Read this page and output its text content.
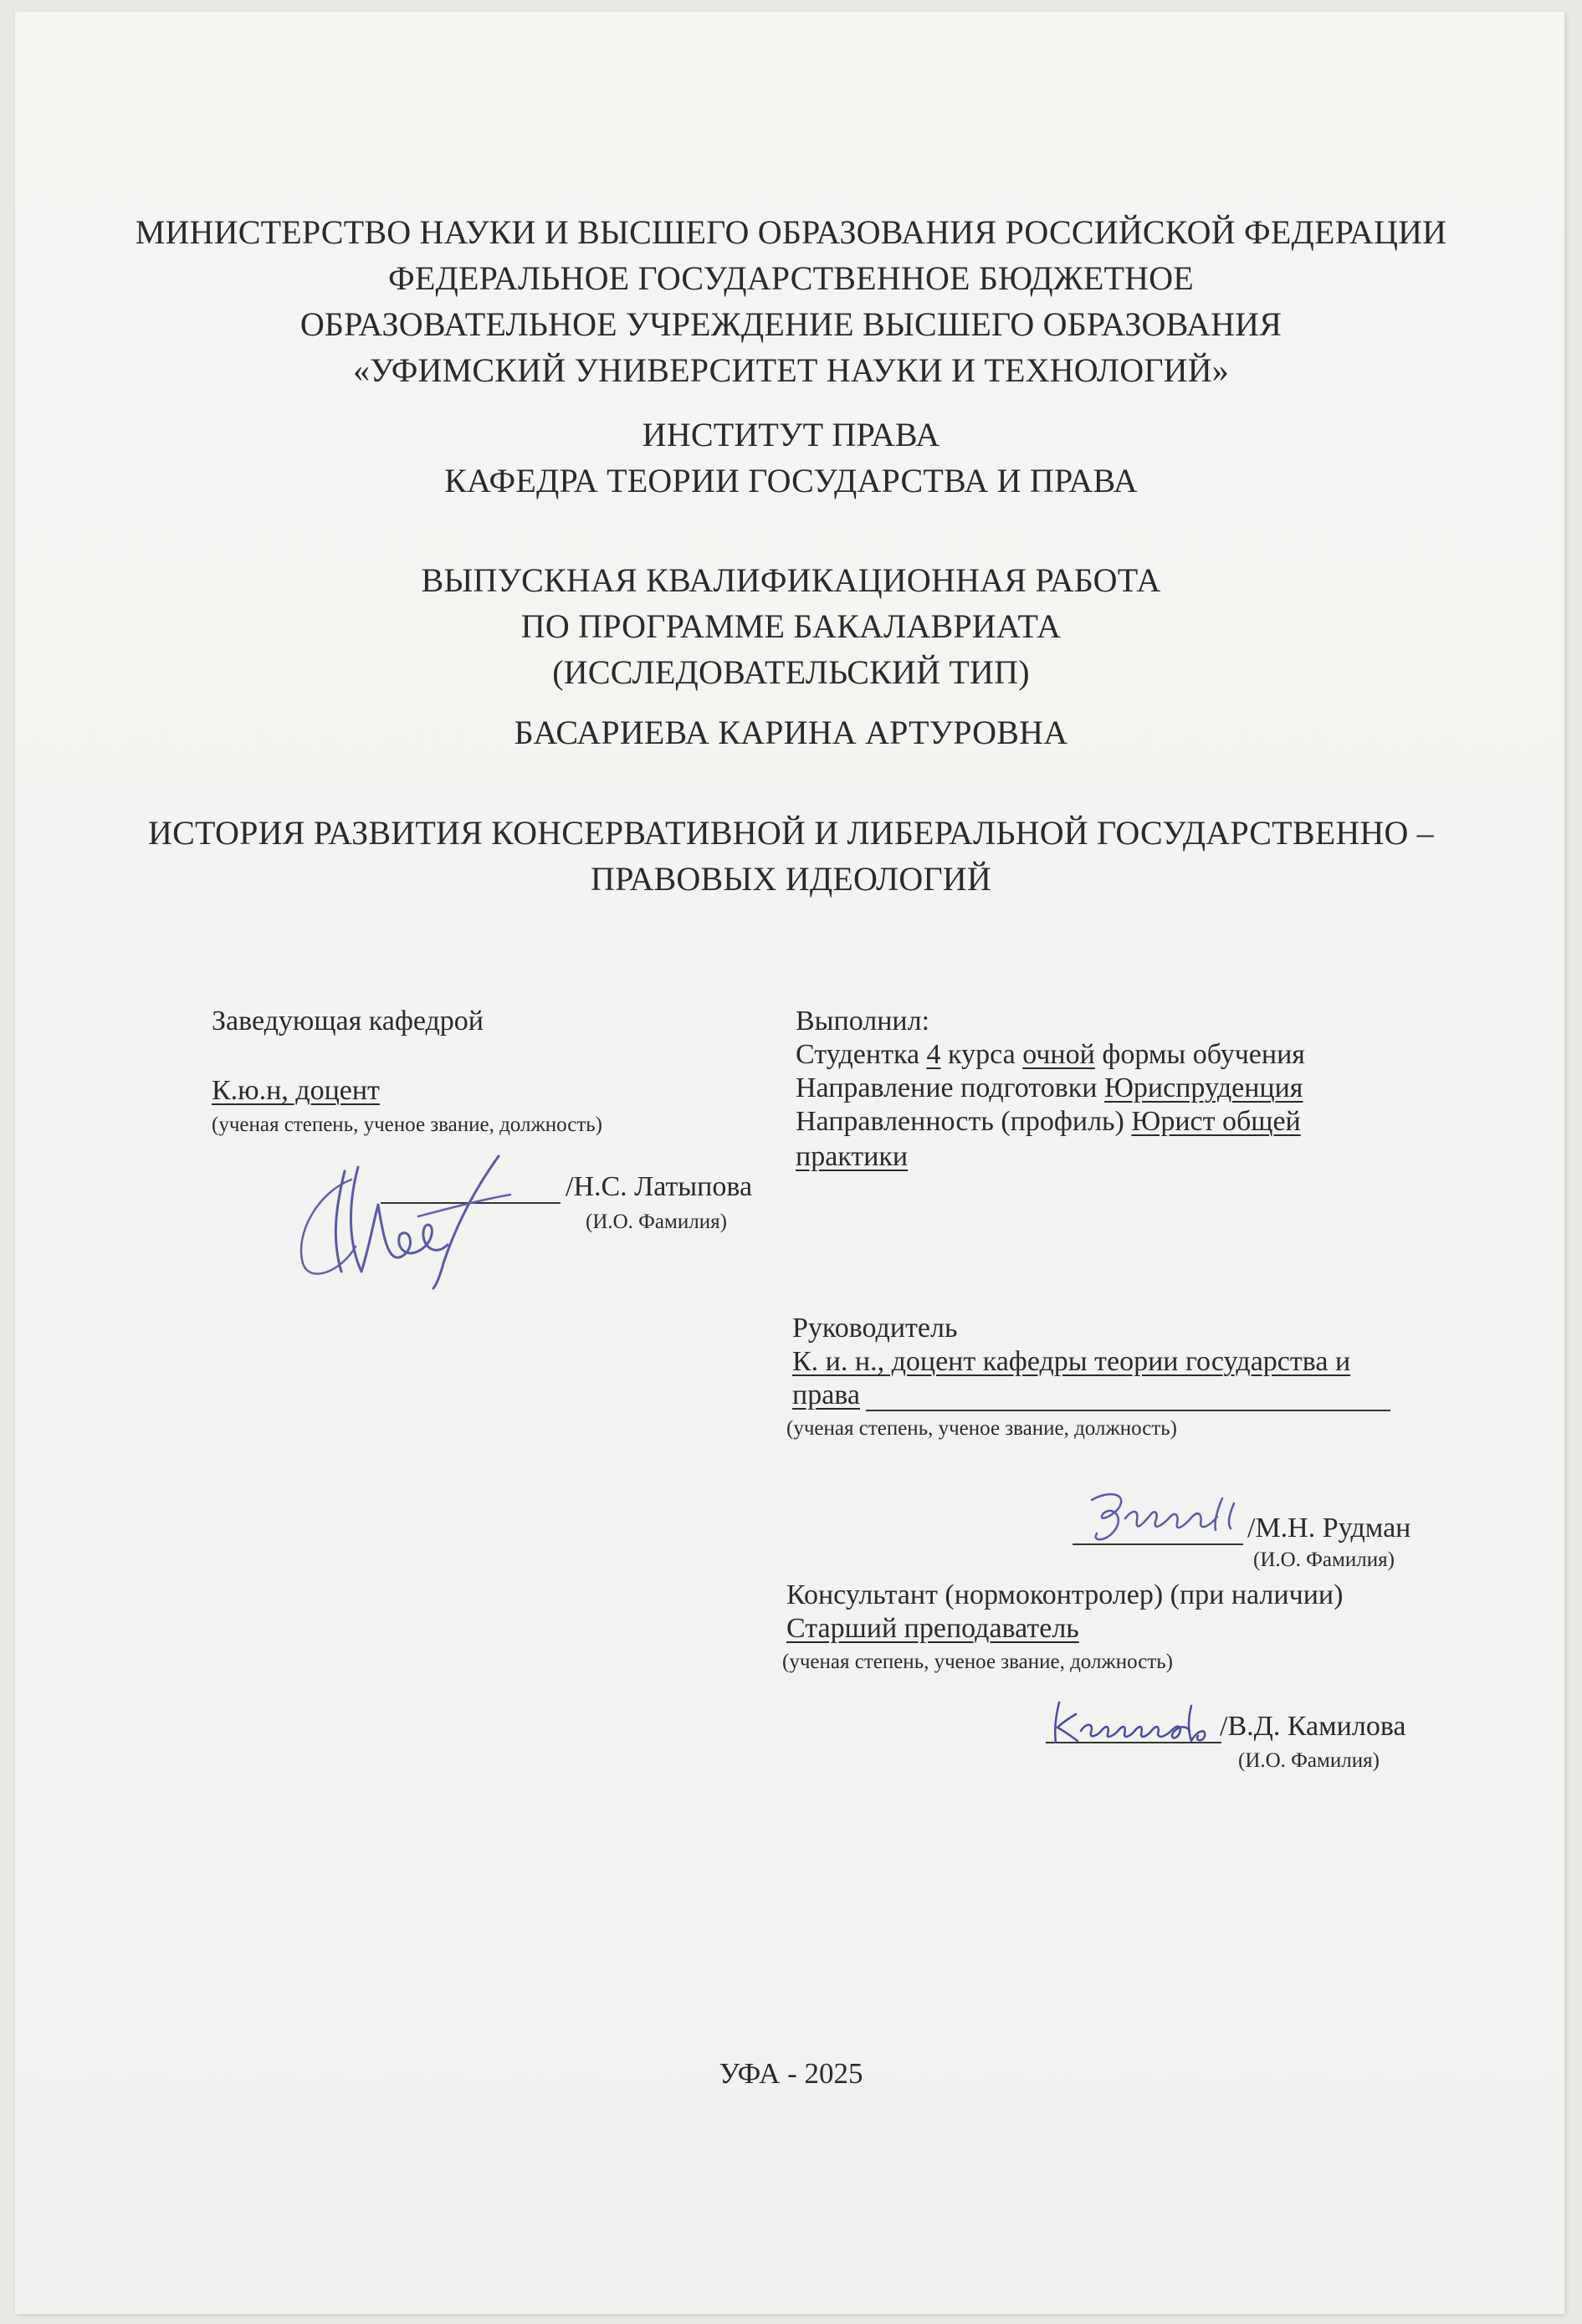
МИНИСТЕРСТВО НАУКИ И ВЫСШЕГО ОБРАЗОВАНИЯ РОССИЙСКОЙ ФЕДЕРАЦИИ
ФЕДЕРАЛЬНОЕ ГОСУДАРСТВЕННОЕ БЮДЖЕТНОЕ
ОБРАЗОВАТЕЛЬНОЕ УЧРЕЖДЕНИЕ ВЫСШЕГО ОБРАЗОВАНИЯ
«УФИМСКИЙ УНИВЕРСИТЕТ НАУКИ И ТЕХНОЛОГИЙ»
ИНСТИТУТ ПРАВА
КАФЕДРА ТЕОРИИ ГОСУДАРСТВА И ПРАВА
ВЫПУСКНАЯ КВАЛИФИКАЦИОННАЯ РАБОТА
ПО ПРОГРАММЕ БАКАЛАВРИАТА
(ИССЛЕДОВАТЕЛЬСКИЙ ТИП)
БАСАРИЕВА КАРИНА АРТУРОВНА
ИСТОРИЯ РАЗВИТИЯ КОНСЕРВАТИВНОЙ И ЛИБЕРАЛЬНОЙ ГОСУДАРСТВЕННО –
ПРАВОВЫХ ИДЕОЛОГИЙ
Заведующая кафедрой
К.ю.н, доцент
(ученая степень, ученое звание, должность)
/Н.С. Латыпова
(И.О. Фамилия)
Выполнил:
Студентка 4 курса очной формы обучения
Направление подготовки Юриспруденция
Направленность (профиль) Юрист общей
практики
Руководитель
К. и. н., доцент кафедры теории государства и
права
(ученая степень, ученое звание, должность)
/М.Н. Рудман
(И.О. Фамилия)
Консультант (нормоконтролер) (при наличии)
Старший преподаватель
(ученая степень, ученое звание, должность)
/В.Д. Камилова
(И.О. Фамилия)
УФА - 2025
